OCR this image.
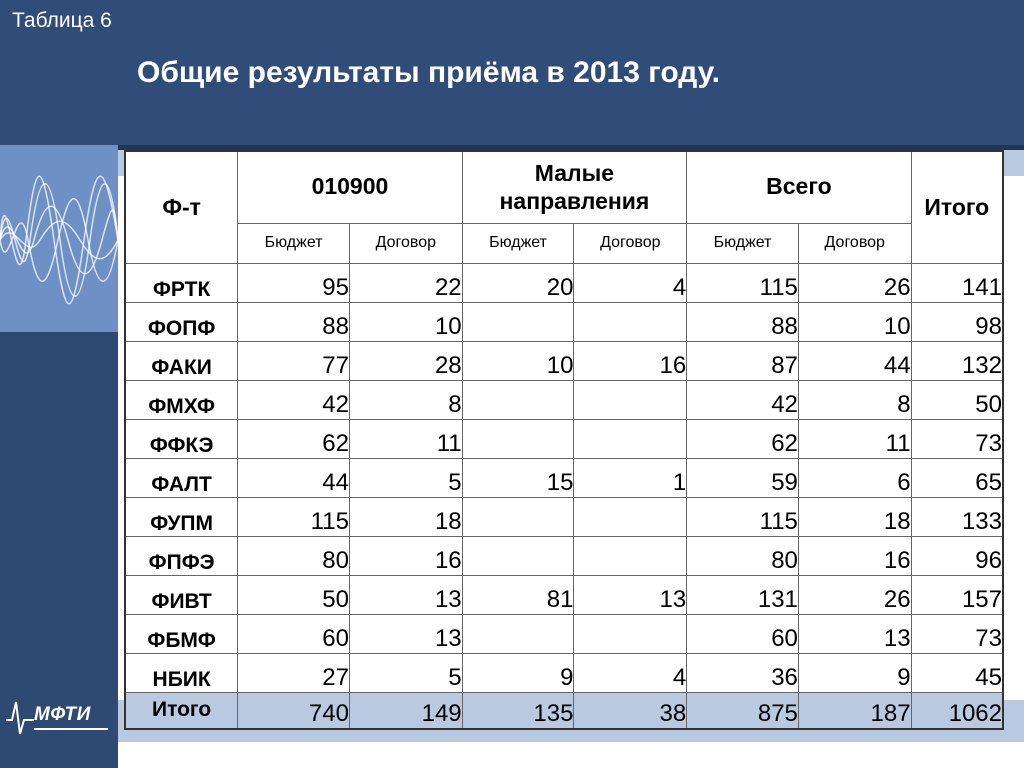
Таблица 6
Общие результаты приёма в 2013 году.
МФТИ
Ф-т	010900		Малые направления		Всего		Итого
	Бюджет	Договор	Бюджет	Договор	Бюджет	Договор	
ФРТК	95	22	20	4	115	26	141
ФОПФ	88	10			88	10	98
ФАКИ	77	28	10	16	87	44	132
ФМХФ	42	8			42	8	50
ФФКЭ	62	11			62	11	73
ФАЛТ	44	5	15	1	59	6	65
ФУПМ	115	18			115	18	133
ФПФЭ	80	16			80	16	96
ФИВТ	50	13	81	13	131	26	157
ФБМФ	60	13			60	13	73
НБИК	27	5	9	4	36	9	45
Итого	740	149	135	38	875	187	1062
